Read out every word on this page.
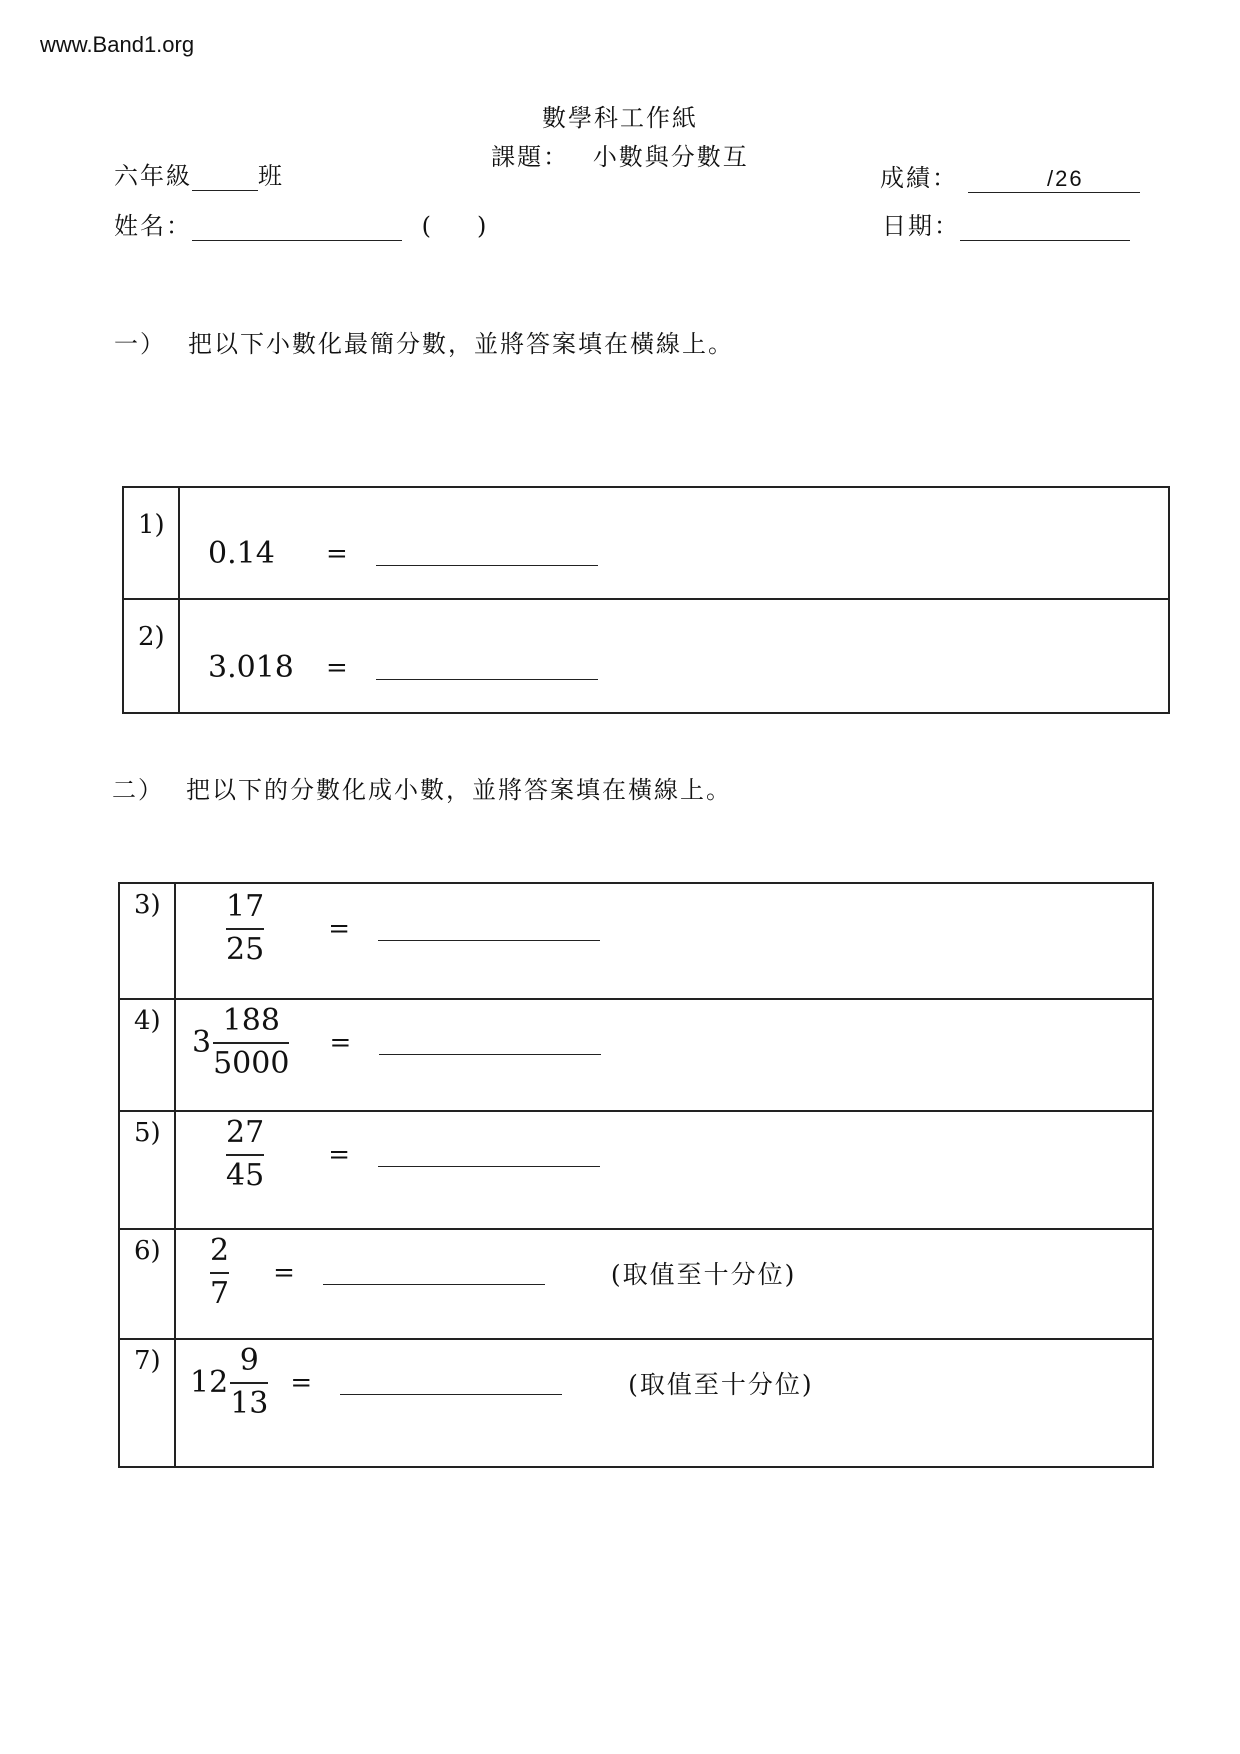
www.Band1.org
數學科工作紙
課題： 小數與分數互
六年級	班	成績：	/26
姓名：	( )	日期：
一） 把以下小數化最簡分數，並將答案填在橫線上。
1)	0.14 =

2)	3.018 =
二） 把以下的分數化成小數，並將答案填在橫線上。
3)	$\frac{17}{25}$ =

4)	$3 \frac{188}{5000}$ =

5)	$\frac{27}{45}$ =

6)	$\frac{2}{7}$ = (取值至十分位)

7)	$12 \frac{9}{13}$ = (取值至十分位)
